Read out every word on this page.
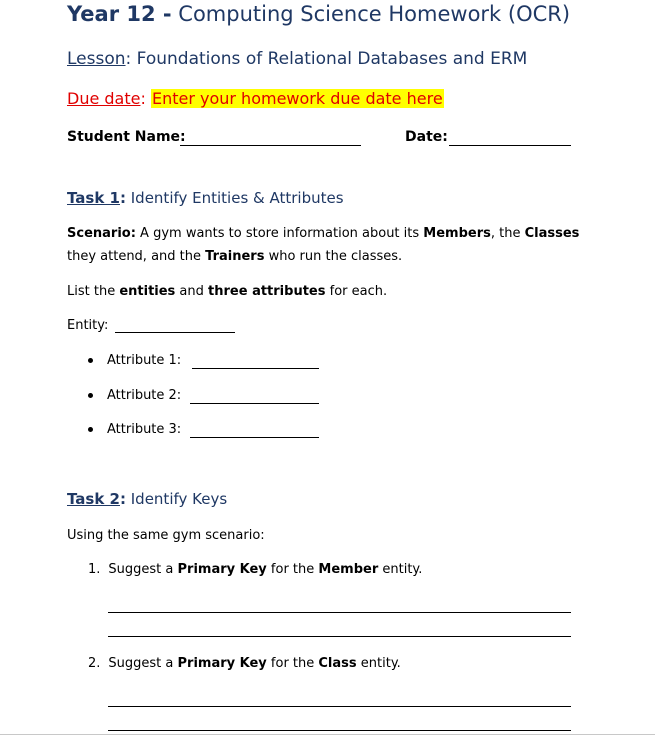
Year 12 - Computing Science Homework (OCR)
Lesson: Foundations of Relational Databases and ERM
Due date: Enter your homework due date here
Student Name:	Date:
Task 1: Identify Entities & Attributes
Scenario: A gym wants to store information about its Members, the Classes
they attend, and the Trainers who run the classes.
List the entities and three attributes for each.
Entity:
Attribute 1:
Attribute 2:
Attribute 3:
Task 2: Identify Keys
Using the same gym scenario:
1. Suggest a Primary Key for the Member entity.
2. Suggest a Primary Key for the Class entity.
